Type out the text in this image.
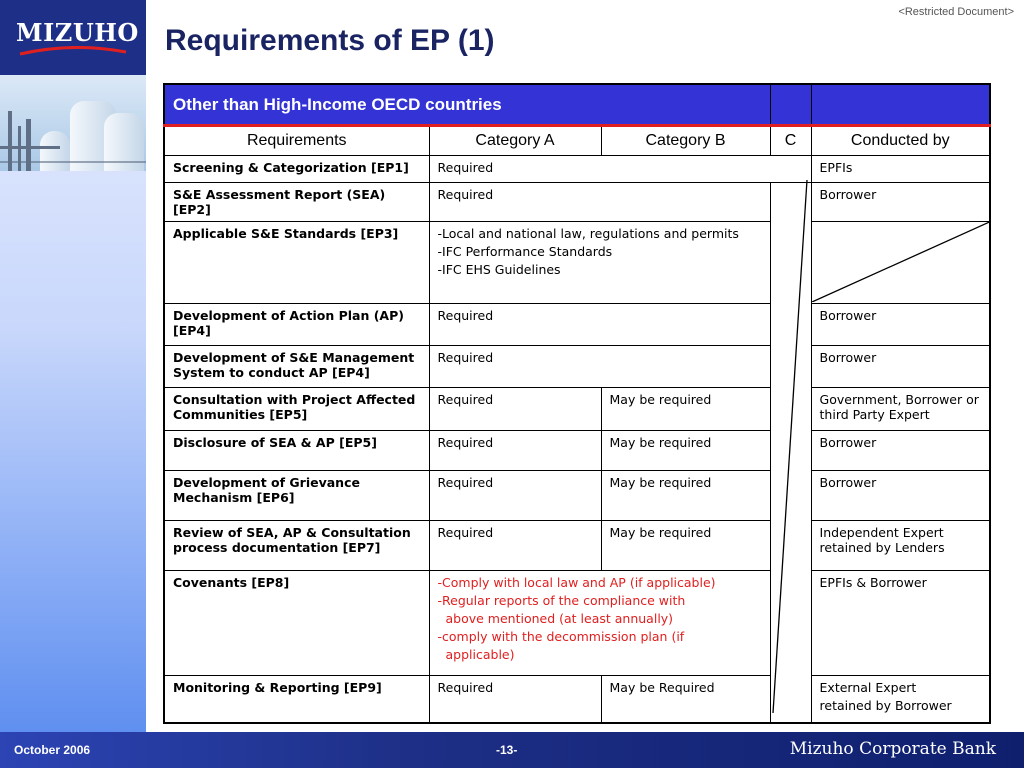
MIZUHO
<Restricted Document>
Requirements of EP (1)
Other than High-Income OECD countries				
Requirements	Category A	Category B	C	Conducted by
Screening & Categorization [EP1]	Required			EPFIs
S&E Assessment Report (SEA) [EP2]	Required			Borrower
Applicable S&E Standards [EP3]	-Local and national law, regulations and permits
-IFC Performance Standards
-IFC EHS Guidelines

Development of Action Plan (AP) [EP4]	Required			Borrower
Development of S&E Management System to conduct AP [EP4]	Required			Borrower
Consultation with Project Affected Communities [EP5]	Required	May be required		Government, Borrower or third Party Expert
Disclosure of SEA & AP [EP5]	Required	May be required		Borrower
Development of Grievance Mechanism [EP6]	Required	May be required		Borrower
Review of SEA, AP & Consultation process documentation [EP7]	Required	May be required		Independent Expert retained by Lenders
Covenants [EP8]	-Comply with local law and AP (if applicable)
-Regular reports of the compliance with
above mentioned (at least annually)
-comply with the decommission plan (if
applicable)			EPFIs & Borrower
Monitoring & Reporting [EP9]	Required	May be Required		External Expert
retained by Borrower
October 2006	-13-	Mizuho Corporate Bank
